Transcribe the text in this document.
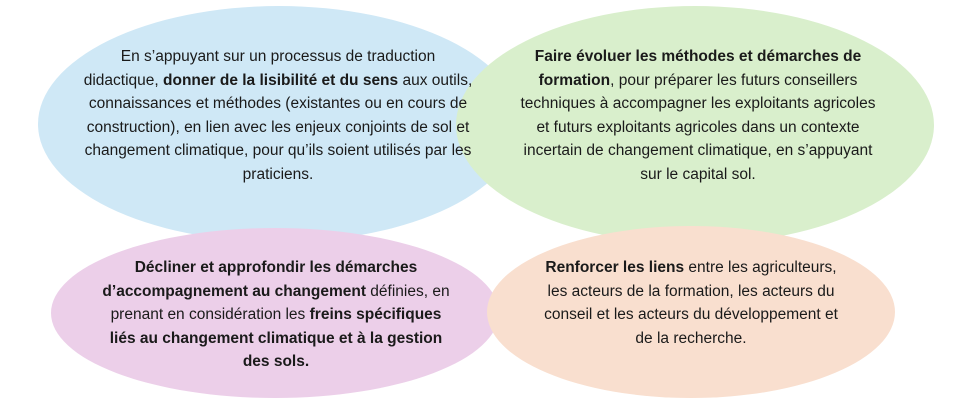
En s’appuyant sur un processus de traduction didactique, donner de la lisibilité et du sens aux outils, connaissances et méthodes (existantes ou en cours de construction), en lien avec les enjeux conjoints de sol et changement climatique, pour qu’ils soient utilisés par les praticiens.
Faire évoluer les méthodes et démarches de formation, pour préparer les futurs conseillers techniques à accompagner les exploitants agricoles et futurs exploitants agricoles dans un contexte incertain de changement climatique, en s’appuyant sur le capital sol.
Décliner et approfondir les démarches d’accompagnement au changement définies, en prenant en considération les freins spécifiques liés au changement climatique et à la gestion des sols.
Renforcer les liens entre les agriculteurs, les acteurs de la formation, les acteurs du conseil et les acteurs du développement et de la recherche.
